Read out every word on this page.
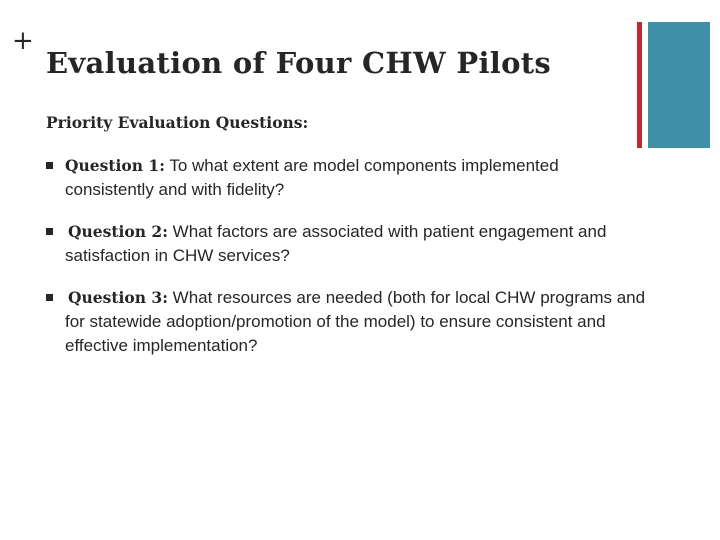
+
Evaluation of Four CHW Pilots
Priority Evaluation Questions:
Question 1: To what extent are model components implemented consistently and with fidelity?
Question 2: What factors are associated with patient engagement and satisfaction in CHW services?
Question 3: What resources are needed (both for local CHW programs and for statewide adoption/promotion of the model) to ensure consistent and effective implementation?
